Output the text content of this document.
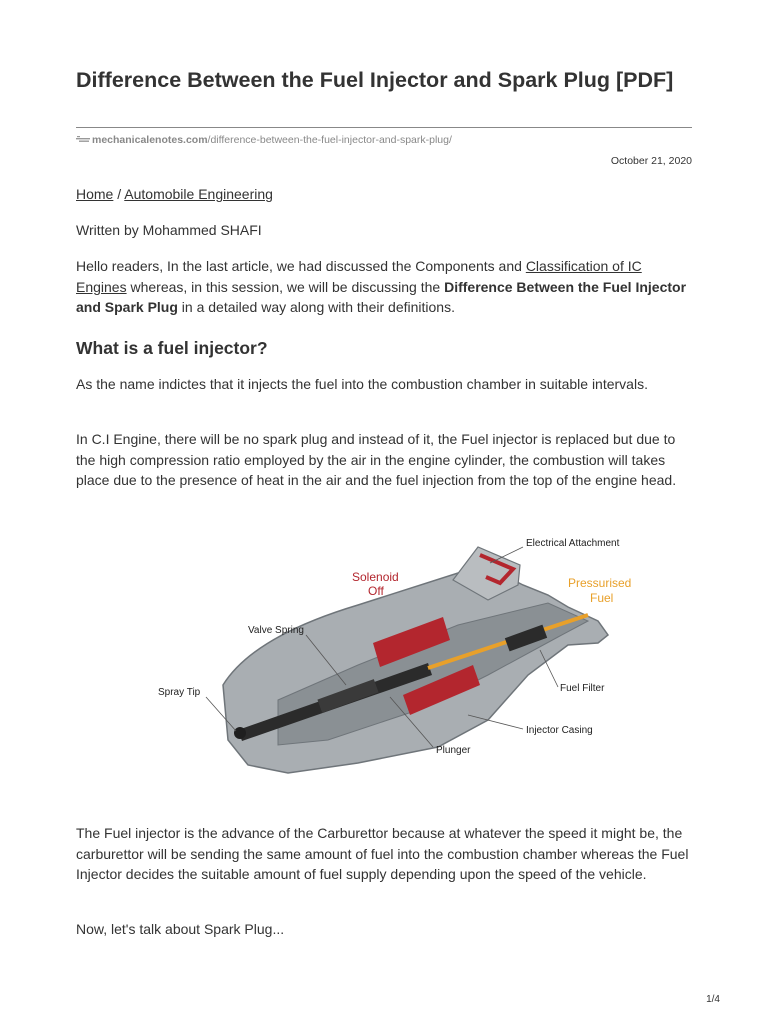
Difference Between the Fuel Injector and Spark Plug [PDF]
mechanicalenotes.com/difference-between-the-fuel-injector-and-spark-plug/
October 21, 2020
Home / Automobile Engineering
Written by Mohammed SHAFI

Hello readers, In the last article, we had discussed the Components and Classification of IC Engines whereas, in this session, we will be discussing the Difference Between the Fuel Injector and Spark Plug in a detailed way along with their definitions.

What is a fuel injector?

As the name indictes that it injects the fuel into the combustion chamber in suitable intervals.

In C.I Engine, there will be no spark plug and instead of it, the Fuel injector is replaced but due to the high compression ratio employed by the air in the engine cylinder, the combustion will takes place due to the presence of heat in the air and the fuel injection from the top of the engine head.

Electrical Attachment
Solenoid
Off
Pressurised
Fuel
Valve Spring
Spray Tip	Fuel Filter
Injector Casing
Plunger

The Fuel injector is the advance of the Carburettor because at whatever the speed it might be, the carburettor will be sending the same amount of fuel into the combustion chamber whereas the Fuel Injector decides the suitable amount of fuel supply depending upon the speed of the vehicle.

Now, let's talk about Spark Plug...

1/4
